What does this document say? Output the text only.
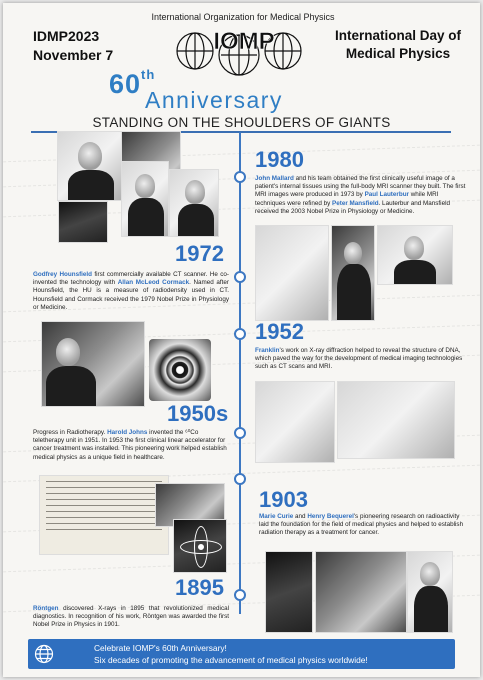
International Organization for Medical Physics
IDMP2023
November 7
International Day of
Medical Physics
IOMP
60th
Anniversary
STANDING ON THE SHOULDERS OF GIANTS
1980
John Mallard and his team obtained the first clinically useful image of a patient's internal tissues using the full-body MRI scanner they built. The first MRI images were produced in 1973 by Paul Lauterbur while MRI techniques were refined by Peter Mansfield. Lauterbur and Mansfield received the 2003 Nobel Prize in Physiology or Medicine.
1972
Godfrey Hounsfield first commercially available CT scanner. He co-invented the technology with Allan McLeod Cormack. Named after Hounsfield, the HU is a measure of radiodensity used in CT. Hounsfield and Cormack received the 1979 Nobel Prize in Physiology or Medicine.
1952
Franklin's work on X-ray diffraction helped to reveal the structure of DNA, which paved the way for the development of medical imaging technologies such as CT scans and MRI.
1950s
Progress in Radiotherapy. Harold Johns invented the ⁶⁰Co teletherapy unit in 1951. In 1953 the first clinical linear accelerator for cancer treatment was installed. This pioneering work helped establish medical physics as a unique field in healthcare.
1903
Marie Curie and Henry Bequerel's pioneering research on radioactivity laid the foundation for the field of medical physics and helped to establish radiation therapy as a treatment for cancer.
1895
Röntgen discovered X-rays in 1895 that revolutionized medical diagnostics. In recognition of his work, Röntgen was awarded the first Nobel Prize in Physics in 1901.
Celebrate IOMP's 60th Anniversary!
Six decades of promoting the advancement of medical physics worldwide!
